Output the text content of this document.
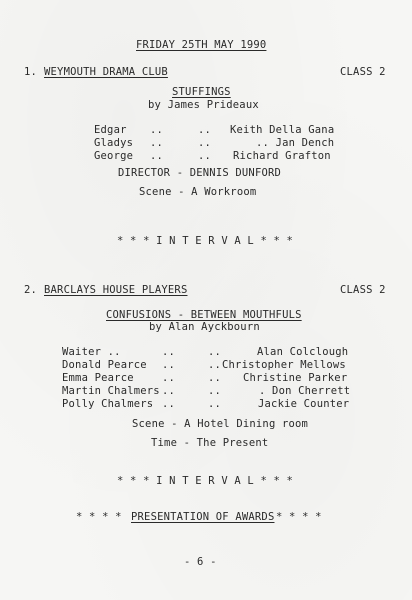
FRIDAY 25TH MAY 1990
1. WEYMOUTH DRAMA CLUB	CLASS 2
STUFFINGS
by James Prideaux
Edgar ..	.. Keith Della Gana
Gladys ..	..	.. Jan Dench
George ..	.. Richard Grafton
DIRECTOR - DENNIS DUNFORD
Scene - A Workroom
* * * I N T E R V A L * * *
2. BARCLAYS HOUSE PLAYERS	CLASS 2
CONFUSIONS - BETWEEN MOUTHFULS
by Alan Ayckbourn
Waiter ..	..	..	Alan Colclough
Donald Pearce ..	.. Christopher Mellows
Emma Pearce	..	.. Christine Parker
Martin Chalmers ..	..	. Don Cherrett
Polly Chalmers ..	..	Jackie Counter
Scene - A Hotel Dining room
Time - The Present
* * * I N T E R V A L * * *
* * * * PRESENTATION OF AWARDS * * * *
- 6 -
